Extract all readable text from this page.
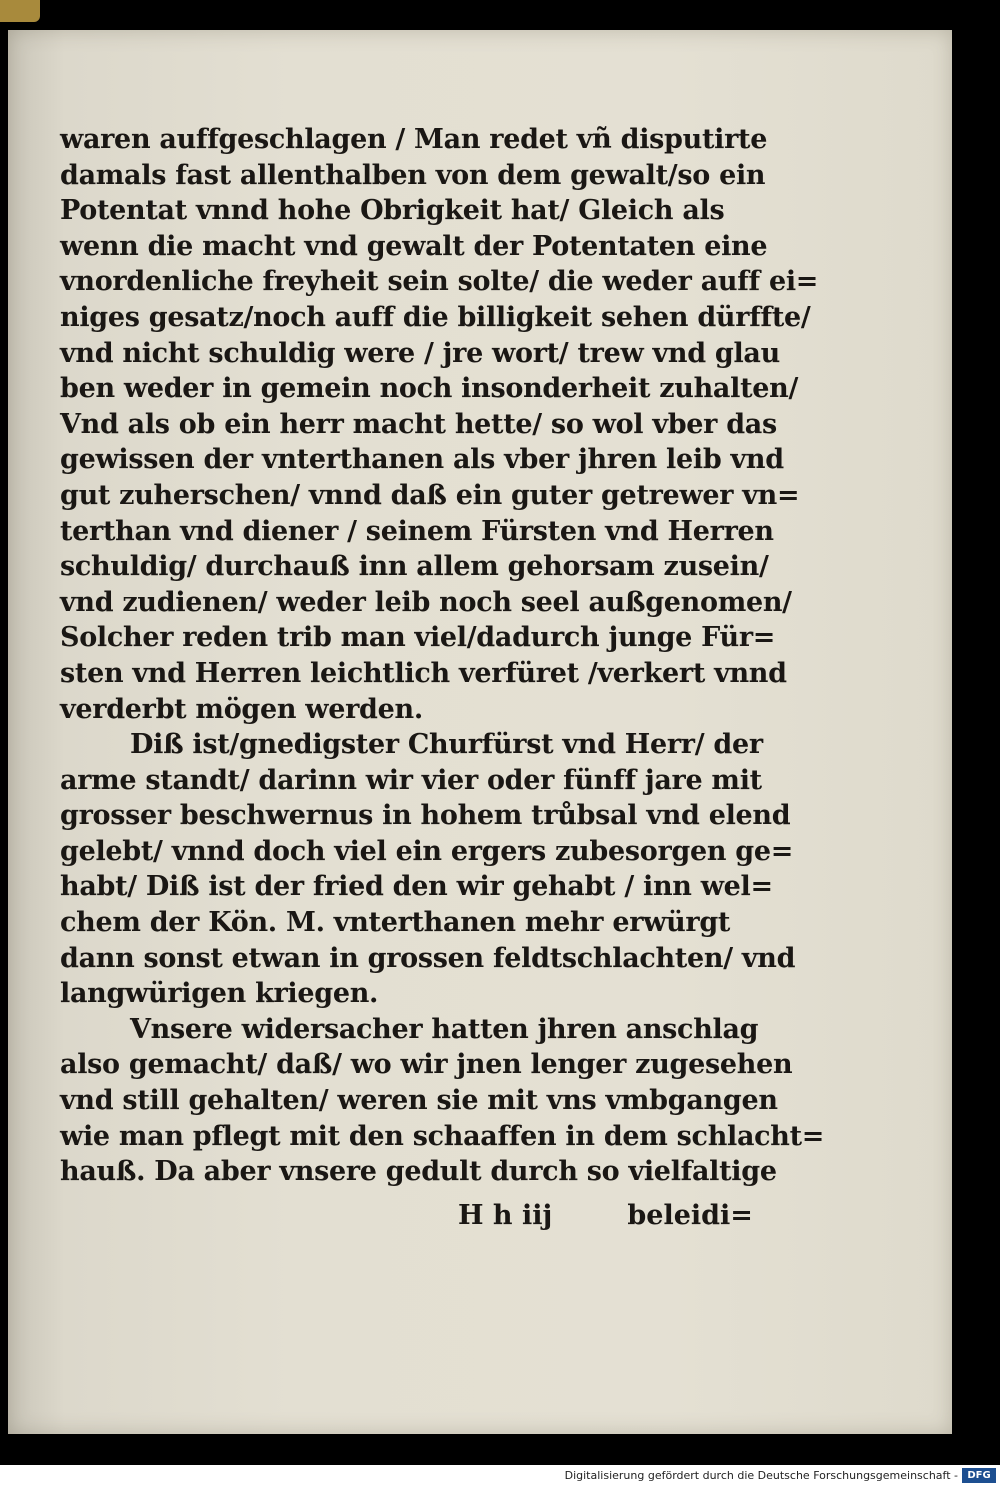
waren auffgeschlagen / Man redet vñ disputirte
damals fast allenthalben von dem gewalt/so ein
Potentat vnnd hohe Obrigkeit hat/ Gleich als
wenn die macht vnd gewalt der Potentaten eine
vnordenliche freyheit sein solte/ die weder auff ei=
niges gesatz/noch auff die billigkeit sehen dürffte/
vnd nicht schuldig were / jre wort/ trew vnd glau
ben weder in gemein noch insonderheit zuhalten/
Vnd als ob ein herr macht hette/ so wol vber das
gewissen der vnterthanen als vber jhren leib vnd
gut zuherschen/ vnnd daß ein guter getrewer vn=
terthan vnd diener / seinem Fürsten vnd Herren
schuldig/ durchauß inn allem gehorsam zusein/
vnd zudienen/ weder leib noch seel außgenomen/
Solcher reden trib man viel/dadurch junge Für=
sten vnd Herren leichtlich verfüret /verkert vnnd
verderbt mögen werden.
Diß ist/gnedigster Churfürst vnd Herr/ der
arme standt/ darinn wir vier oder fünff jare mit
grosser beschwernus in hohem trůbsal vnd elend
gelebt/ vnnd doch viel ein ergers zubesorgen ge=
habt/ Diß ist der fried den wir gehabt / inn wel=
chem der Kön. M. vnterthanen mehr erwürgt
dann sonst etwan in grossen feldtschlachten/ vnd
langwürigen kriegen.
Vnsere widersacher hatten jhren anschlag
also gemacht/ daß/ wo wir jnen lenger zugesehen
vnd still gehalten/ weren sie mit vns vmbgangen
wie man pflegt mit den schaaffen in dem schlacht=
hauß. Da aber vnsere gedult durch so vielfaltige
H h iij	beleidi=
Digitalisierung gefördert durch die Deutsche Forschungsgemeinschaft - DFG
